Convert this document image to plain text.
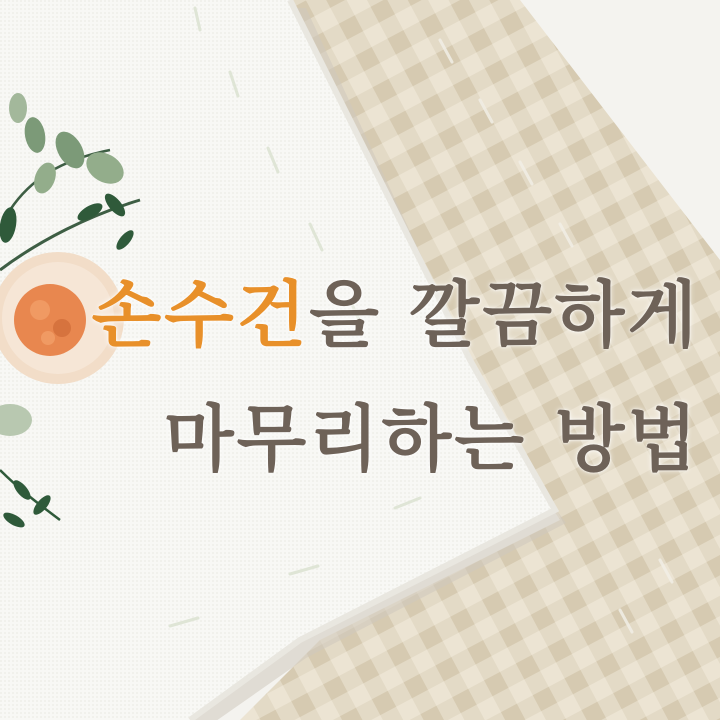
손수건을 깔끔하게
마무리하는 방법
